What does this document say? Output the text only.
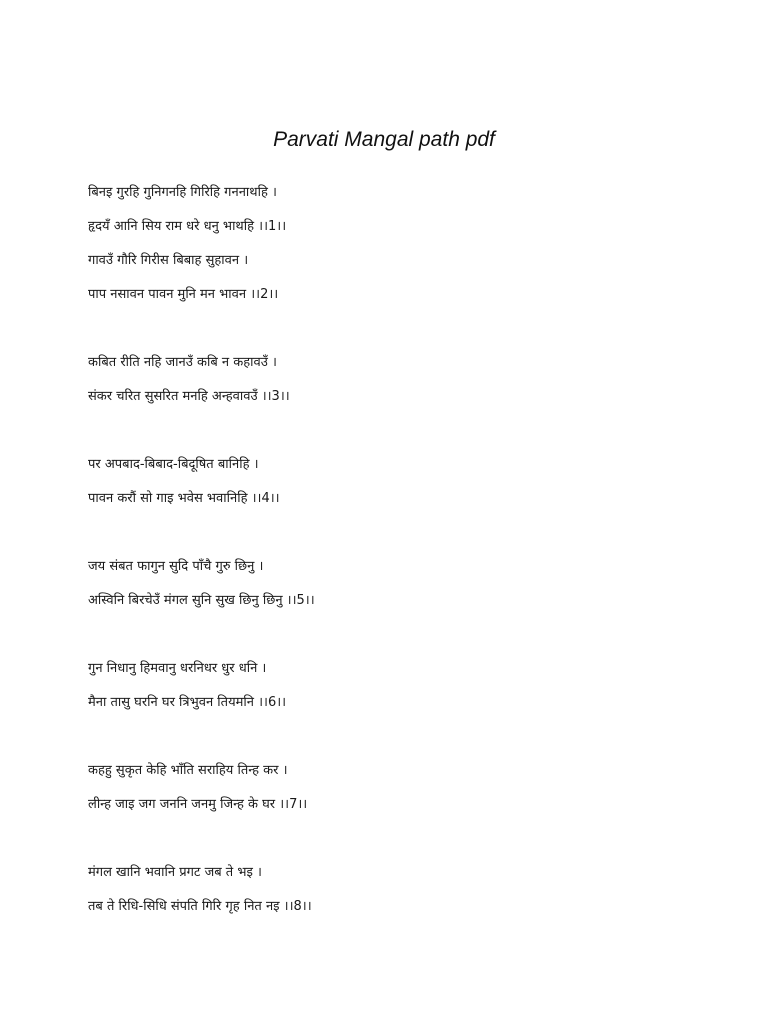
Parvati Mangal path pdf
बिनइ गुरहि गुनिगनहि गिरिहि गननाथहि ।
हृदयँ आनि सिय राम धरे धनु भाथहि ।।1।।
गावउँ गौरि गिरीस बिबाह सुहावन ।
पाप नसावन पावन मुनि मन भावन ।।2।।
कबित रीति नहि जानउँ कबि न कहावउँ ।
संकर चरित सुसरित मनहि अन्हवावउँ ।।3।।
पर अपबाद-बिबाद-बिदूषित बानिहि ।
पावन करौं सो गाइ भवेस भवानिहि ।।4।।
जय संबत फागुन सुदि पाँचै गुरु छिनु ।
अस्विनि बिरचेउँ मंगल सुनि सुख छिनु छिनु ।।5।।
गुन निधानु हिमवानु धरनिधर धुर धनि ।
मैना तासु घरनि घर त्रिभुवन तियमनि ।।6।।
कहहु सुकृत केहि भाँति सराहिय तिन्ह कर ।
लीन्ह जाइ जग जननि जनमु जिन्ह के घर ।।7।।
मंगल खानि भवानि प्रगट जब ते भइ ।
तब ते रिधि-सिधि संपति गिरि गृह नित नइ ।।8।।
